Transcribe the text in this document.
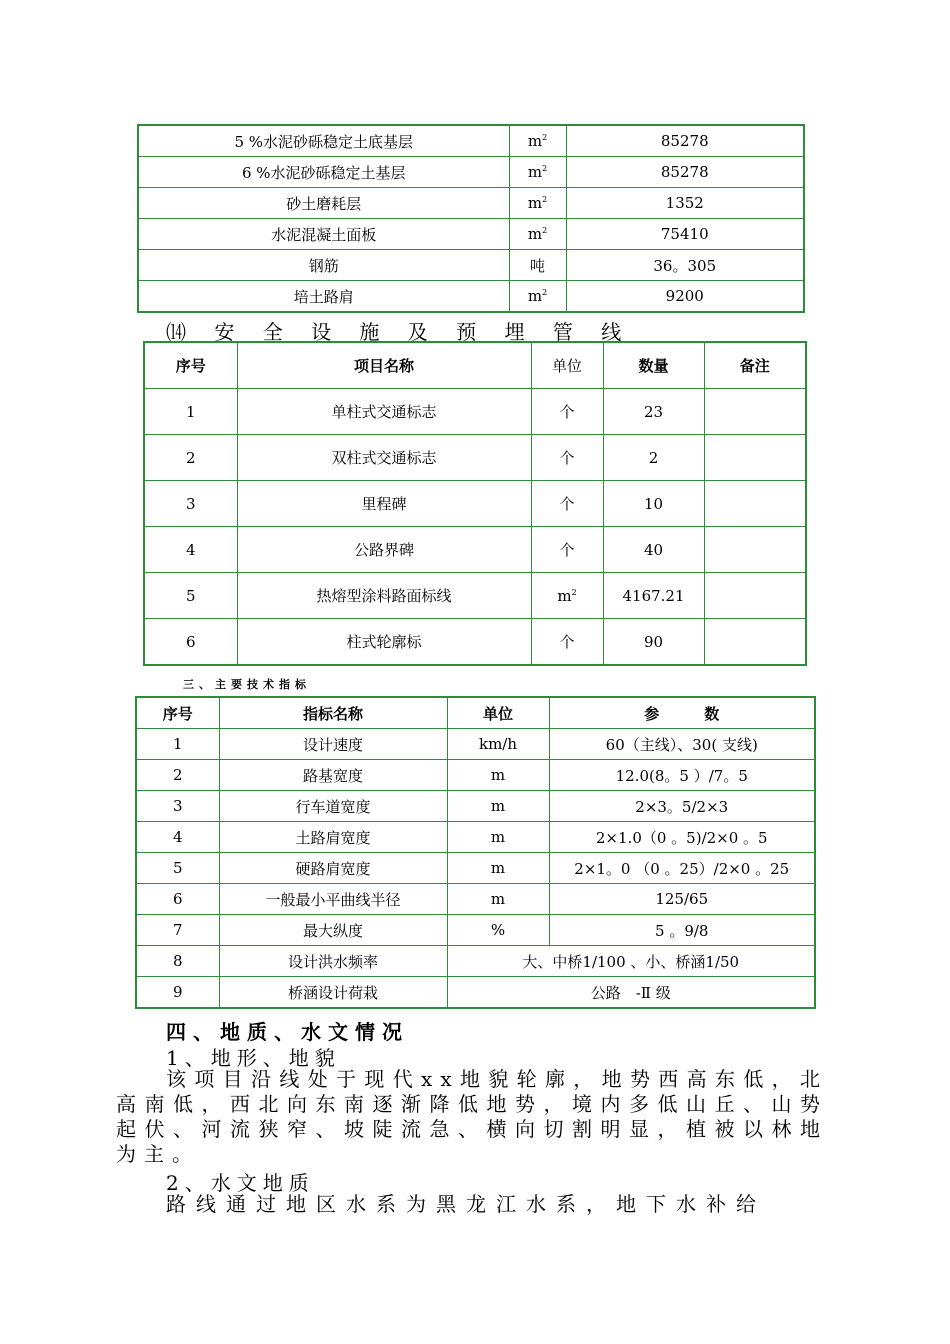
5 %水泥砂砾稳定土底基层	$m^2$	85278
6 %水泥砂砾稳定土基层	$m^2$	85278
砂土磨耗层	$m^2$	1352
水泥混凝土面板	$m^2$	75410
钢筋	吨	36。305
培土路肩	$m^2$	9200
⒁ 安 全 设 施 及 预 埋 管 线
序号	项目名称	单位	数量	备注
1	单柱式交通标志	个	23	
2	双柱式交通标志	个	2	
3	里程碑	个	10	
4	公路界碑	个	40	
5	热熔型涂料路面标线	$m^2$	4167.21	
6	柱式轮廓标	个	90	
三、主要技术指标
序号	指标名称	单位	参　　　数
1	设计速度	km/h	60（主线）、30( 支线)
2	路基宽度	m	12.0(8。5 ）/7。5
3	行车道宽度	m	2×3。5/2×3
4	土路肩宽度	m	2×1.0（0 。5)/2×0 。5
5	硬路肩宽度	m	2×1。0 （0 。25）/2×0 。25
6	一般最小平曲线半径	m	125/65
7	最大纵度	%	5 。9/8
8	设计洪水频率	大、中桥1/100 、小、桥涵1/50	
9	桥涵设计荷栽	公路　-Ⅱ 级	
四、地质、水文情况
1、地形、地貌

该项目沿线处于现代xx地貌轮廓，地势西高东低，北高南低，西北向东南逐渐降低地势，境内多低山丘、山势起伏、河流狭窄、坡陡流急、横向切割明显，植被以林地为主。

2、水文地质

路线通过地区水系为黑龙江水系，地下水补给
